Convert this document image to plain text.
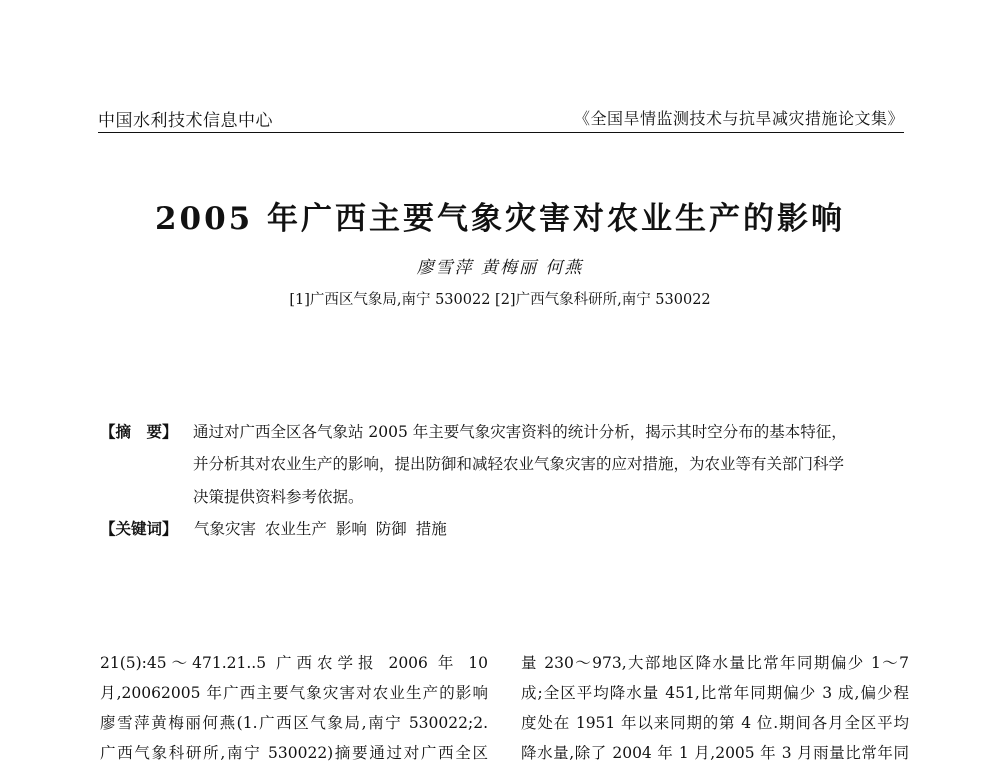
中国水利技术信息中心	《全国旱情监测技术与抗旱减灾措施论文集》
2005 年广西主要气象灾害对农业生产的影响
廖雪萍 黄梅丽 何燕
[1]广西区气象局,南宁 530022 [2]广西气象科研所,南宁 530022
【摘　要】 通过对广西全区各气象站 2005 年主要气象灾害资料的统计分析，揭示其时空分布的基本特征，
并分析其对农业生产的影响，提出防御和减轻农业气象灾害的应对措施，为农业等有关部门科学
决策提供资料参考依据。
【关键词】 气象灾害 农业生产 影响 防御 措施
21(5):45～471.21..5 广西农学报 2006 年 10
月,20062005 年广西主要气象灾害对农业生产的影响
廖雪萍黄梅丽何燕(1.广西区气象局,南宁 530022;2.
广西气象科研所,南宁 530022)摘要通过对广西全区
量 230～973,大部地区降水量比常年同期偏少 1～7
成;全区平均降水量 451,比常年同期偏少 3 成,偏少程
度处在 1951 年以来同期的第 4 位.期间各月全区平均
降水量,除了 2004 年 1 月,2005 年 3 月雨量比常年同
